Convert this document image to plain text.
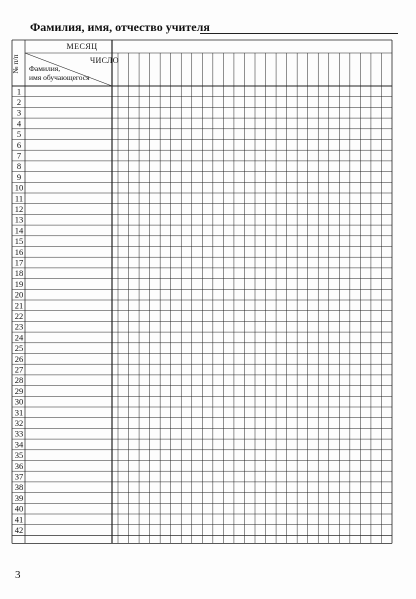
Фамилия, имя, отчество учителя
МЕСЯЦ
ЧИСЛО
Фамилия,
имя обучающегося
№ п/п
1
2
3
4
5
6
7
8
9
10
11
12
13
14
15
16
17
18
19
20
21
22
23
24
25
26
27
28
29
30
31
32
33
34
35
36
37
38
39
40
41
42
3
